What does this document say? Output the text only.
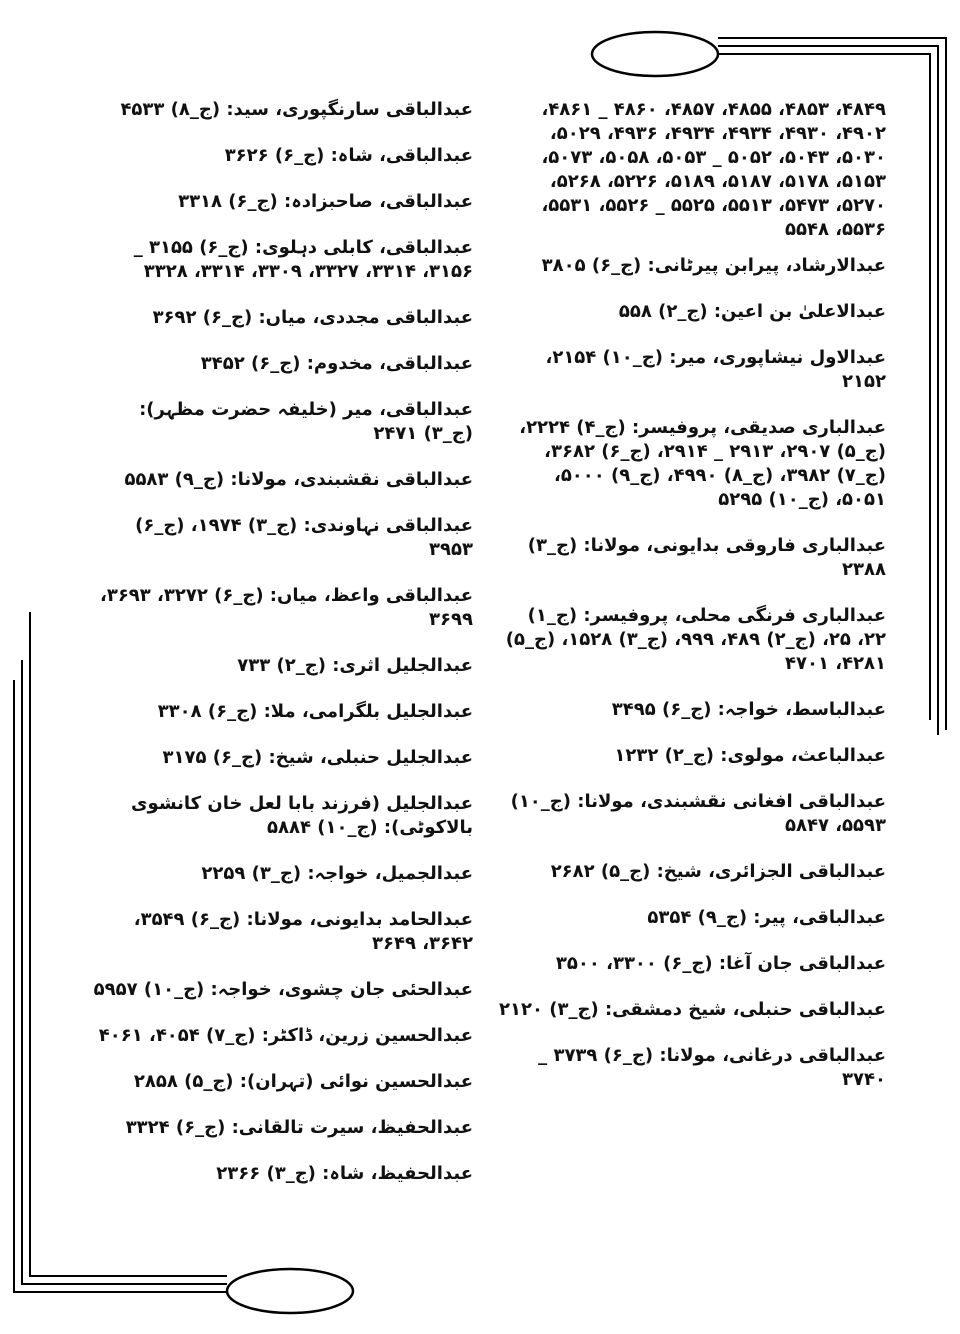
۴۸۴۹، ۴۸۵۳، ۴۸۵۵، ۴۸۵۷، ۴۸۶۰ _ ۴۸۶۱، ۴۹۰۲، ۴۹۳۰، ۴۹۳۴، ۴۹۳۴، ۴۹۳۶، ۵۰۲۹، ۵۰۳۰، ۵۰۴۳، ۵۰۵۲ _ ۵۰۵۳، ۵۰۵۸، ۵۰۷۳، ۵۱۵۳، ۵۱۷۸، ۵۱۸۷، ۵۱۸۹، ۵۲۲۶، ۵۲۶۸، ۵۲۷۰، ۵۴۷۳، ۵۵۱۳، ۵۵۲۵ _ ۵۵۲۶، ۵۵۳۱، ۵۵۳۶، ۵۵۴۸
عبدالارشاد، پیرابن پیرٹانی: (ج_۶) ۳۸۰۵
عبدالاعلیٰ بن اعین: (ج_۲) ۵۵۸
عبدالاول نیشاپوری، میر: (ج_۱۰) ۲۱۵۴، ۲۱۵۲
عبدالباری صدیقی، پروفیسر: (ج_۴) ۲۲۲۴، (ج_۵) ۲۹۰۷، ۲۹۱۳ _ ۲۹۱۴، (ج_۶) ۳۶۸۲، (ج_۷) ۳۹۸۲، (ج_۸) ۴۹۹۰، (ج_۹) ۵۰۰۰، ۵۰۵۱، (ج_۱۰) ۵۲۹۵
عبدالباری فاروقی بدایونی، مولانا: (ج_۳) ۲۳۸۸
عبدالباری فرنگی محلی، پروفیسر: (ج_۱) ۲۲، ۲۵، (ج_۲) ۴۸۹، ۹۹۹، (ج_۳) ۱۵۲۸، (ج_۵) ۴۲۸۱، ۴۷۰۱
عبدالباسط، خواجہ: (ج_۶) ۳۴۹۵
عبدالباعث، مولوی: (ج_۲) ۱۲۳۲
عبدالباقی افغانی نقشبندی، مولانا: (ج_۱۰) ۵۵۹۳، ۵۸۴۷
عبدالباقی الجزائری، شیخ: (ج_۵) ۲۶۸۲
عبدالباقی، پیر: (ج_۹) ۵۳۵۴
عبدالباقی جان آغا: (ج_۶) ۳۳۰۰، ۳۵۰۰
عبدالباقی حنبلی، شیخ دمشقی: (ج_۳) ۲۱۲۰
عبدالباقی درغانی، مولانا: (ج_۶) ۳۷۳۹ _ ۳۷۴۰
عبدالباقی سارنگپوری، سید: (ج_۸) ۴۵۳۳
عبدالباقی، شاہ: (ج_۶) ۳۶۲۶
عبدالباقی، صاحبزادہ: (ج_۶) ۳۳۱۸
عبدالباقی، کابلی دہلوی: (ج_۶) ۳۱۵۵ _ ۳۱۵۶، ۳۳۱۴، ۳۳۲۷، ۳۳۰۹، ۳۳۱۴، ۳۳۲۸
عبدالباقی مجددی، میاں: (ج_۶) ۳۶۹۲
عبدالباقی، مخدوم: (ج_۶) ۳۴۵۲
عبدالباقی، میر (خلیفہ حضرت مظہر): (ج_۳) ۲۴۷۱
عبدالباقی نقشبندی، مولانا: (ج_۹) ۵۵۸۳
عبدالباقی نہاوندی: (ج_۳) ۱۹۷۴، (ج_۶) ۳۹۵۳
عبدالباقی واعظ، میاں: (ج_۶) ۳۲۷۲، ۳۶۹۳، ۳۶۹۹
عبدالجلیل اثری: (ج_۲) ۷۳۳
عبدالجلیل بلگرامی، ملا: (ج_۶) ۳۳۰۸
عبدالجلیل حنبلی، شیخ: (ج_۶) ۳۱۷۵
عبدالجلیل (فرزند بابا لعل خان کانشوی بالاکوٹی): (ج_۱۰) ۵۸۸۴
عبدالجمیل، خواجہ: (ج_۳) ۲۲۵۹
عبدالحامد بدایونی، مولانا: (ج_۶) ۳۵۴۹، ۳۶۴۲، ۳۶۴۹
عبدالحئی جان چشوی، خواجہ: (ج_۱۰) ۵۹۵۷
عبدالحسین زرین، ڈاکٹر: (ج_۷) ۴۰۵۴، ۴۰۶۱
عبدالحسین نوائی (تہران): (ج_۵) ۲۸۵۸
عبدالحفیظ، سیرت تالقانی: (ج_۶) ۳۳۲۴
عبدالحفیظ، شاہ: (ج_۳) ۲۳۶۶
